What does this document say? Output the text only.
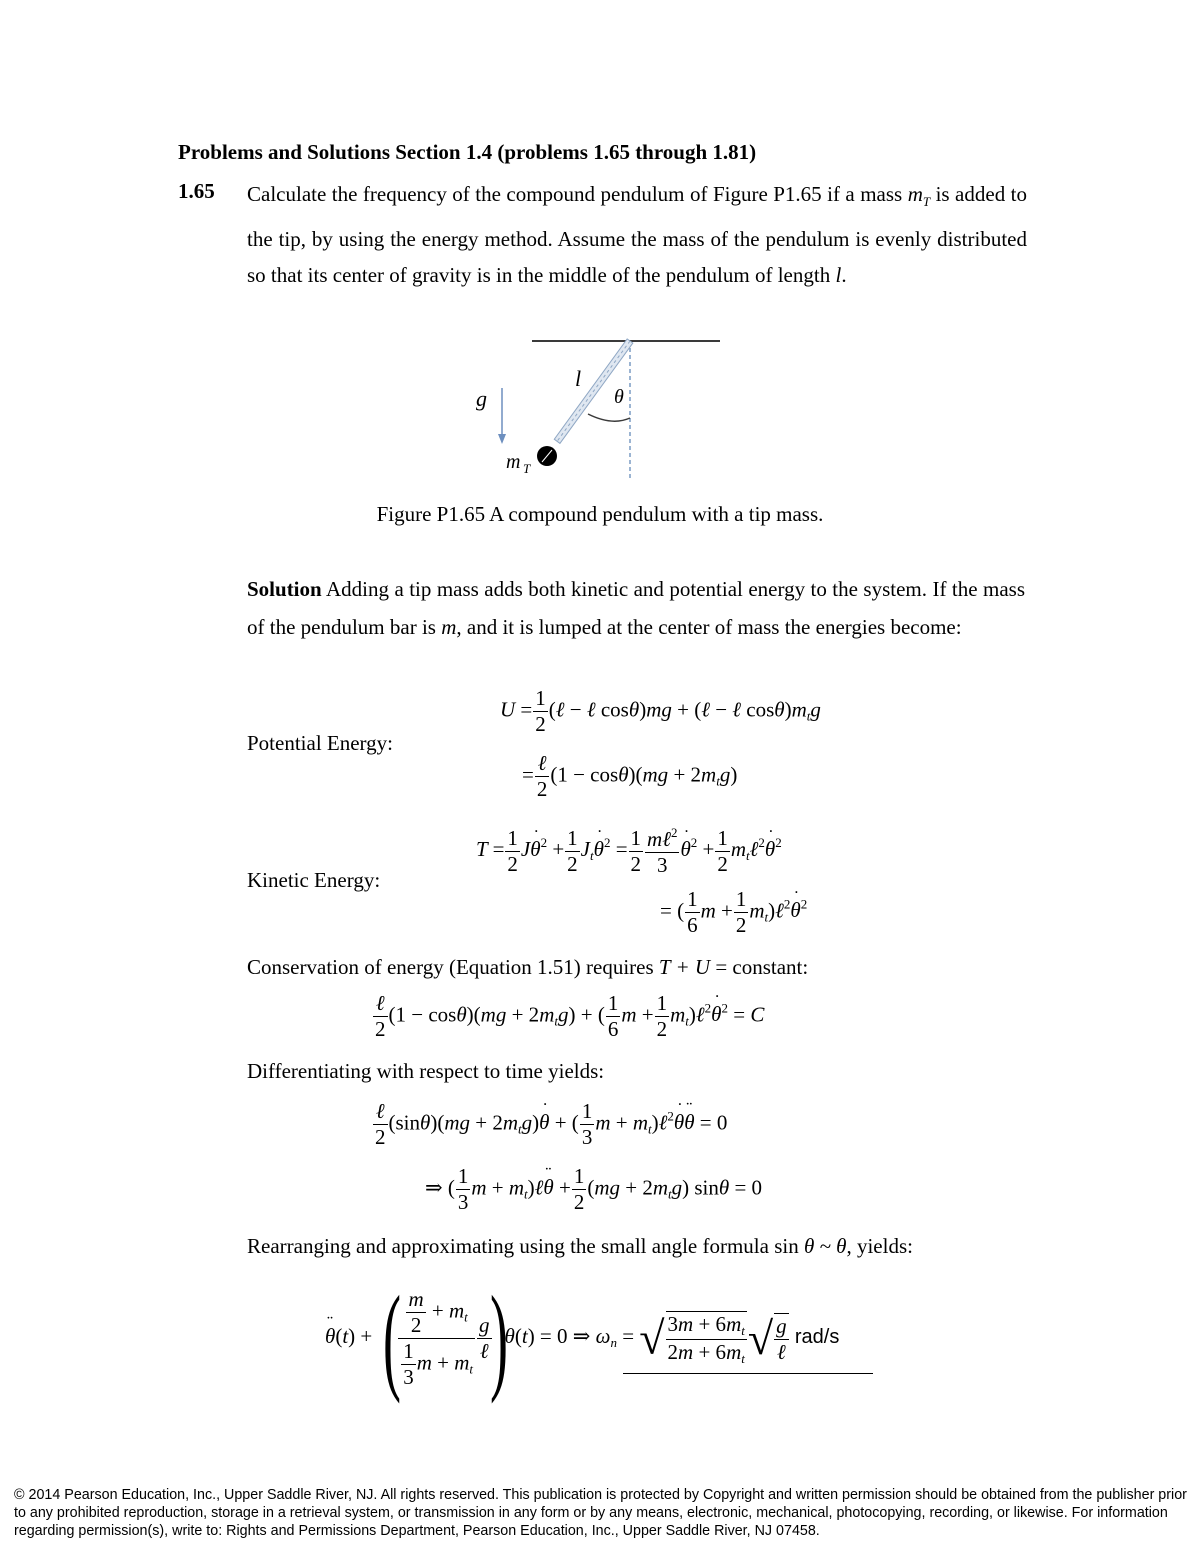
Problems and Solutions Section 1.4 (problems 1.65 through 1.81)
1.65 Calculate the frequency of the compound pendulum of Figure P1.65 if a mass $m_T$ is added to the tip, by using the energy method. Assume the mass of the pendulum is evenly distributed so that its center of gravity is in the middle of the pendulum of length l.
g
l
θ
m T
Figure P1.65 A compound pendulum with a tip mass.
Solution Adding a tip mass adds both kinetic and potential energy to the system. If the mass of the pendulum bar is m, and it is lumped at the center of mass the energies become:
Potential Energy:
$U = \frac{1}{2}$ (ℓ − ℓ cosθ)mg + (ℓ − ℓ $\cos\theta)m_tg$
= $\frac{\text{ℓ}}{2} (1 - \cos\theta)(mg + 2m_tg)$
Kinetic Energy:
$T = \frac{1}{2}$ J˙ $\theta^2 + \frac{1}{2}$ $J_t˙$ $\theta^2 = \frac{1}{2} \frac{m\ell^2}{3}$
˙ $\theta^2 + \frac{1}{2}$ $m_t\ell^2˙$ $\theta^2$
= ( $\frac{1}{6}$ $m + \frac{1}{2}$ $m_t)\ell^2˙$ $\theta^2$
Conservation of energy (Equation 1.51) requires T + U = constant:
$\frac{\text{ℓ}}{2} (1 - \cos\theta)(mg + 2m_tg)$ + ( $\frac{1}{6}$ $m + \frac{1}{2}$ $m_t)\ell^2˙$ $\theta^2 = C$
Differentiating with respect to time yields:
$\frac{\text{ℓ}}{2} (\sin\theta)(mg$ + $2m_tg)˙$ θ + ( $\frac{1}{3}$ $m + m_t)\ell^2˙$ θ¨ θ = 0
⇒ ( $\frac{1}{3}$ $m + m_t)\ell¨$ $\theta + \frac{1}{2} (mg + 2m_tg) \sin\theta = 0$
Rearranging and approximating using the small angle formula sin θ ~ θ, yields:
¨ θ(t) +(
$\frac{\frac{m}{2} + m_t}{\frac{1}{3} m + m_t} \frac{g}{\text{ℓ}}$
)θ(t) = 0 ⇒ $\omega_n$ = √ $\frac{3m + 6m_t}{2m + 6m_t}$ √ $\frac{g}{\text{ℓ}} rad/s$
© 2014 Pearson Education, Inc., Upper Saddle River, NJ. All rights reserved. This publication is protected by Copyright and written permission should be obtained from the publisher prior to any prohibited reproduction, storage in a retrieval system, or transmission in any form or by any means, electronic, mechanical, photocopying, recording, or likewise. For information regarding permission(s), write to: Rights and Permissions Department, Pearson Education, Inc., Upper Saddle River, NJ 07458.
